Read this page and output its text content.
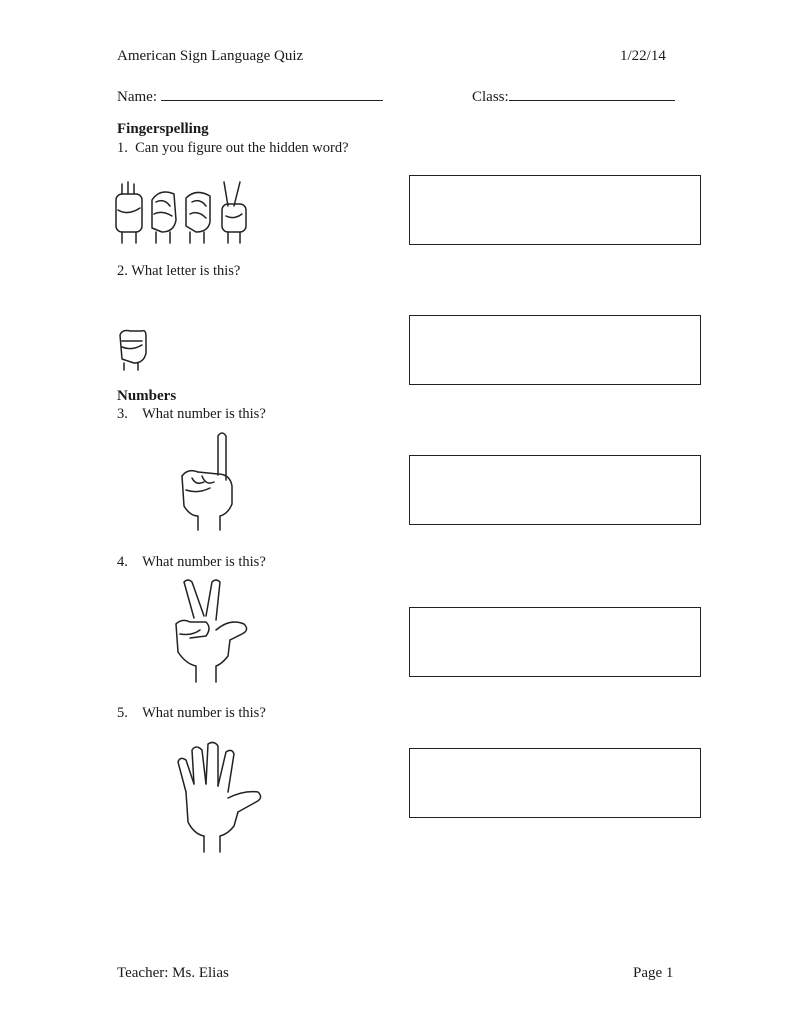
American Sign Language Quiz	1/22/14
Name:	Class:
Fingerspelling
1. Can you figure out the hidden word?
2. What letter is this?
Numbers
3. What number is this?
4. What number is this?
5. What number is this?
Teacher: Ms. Elias	Page 1
